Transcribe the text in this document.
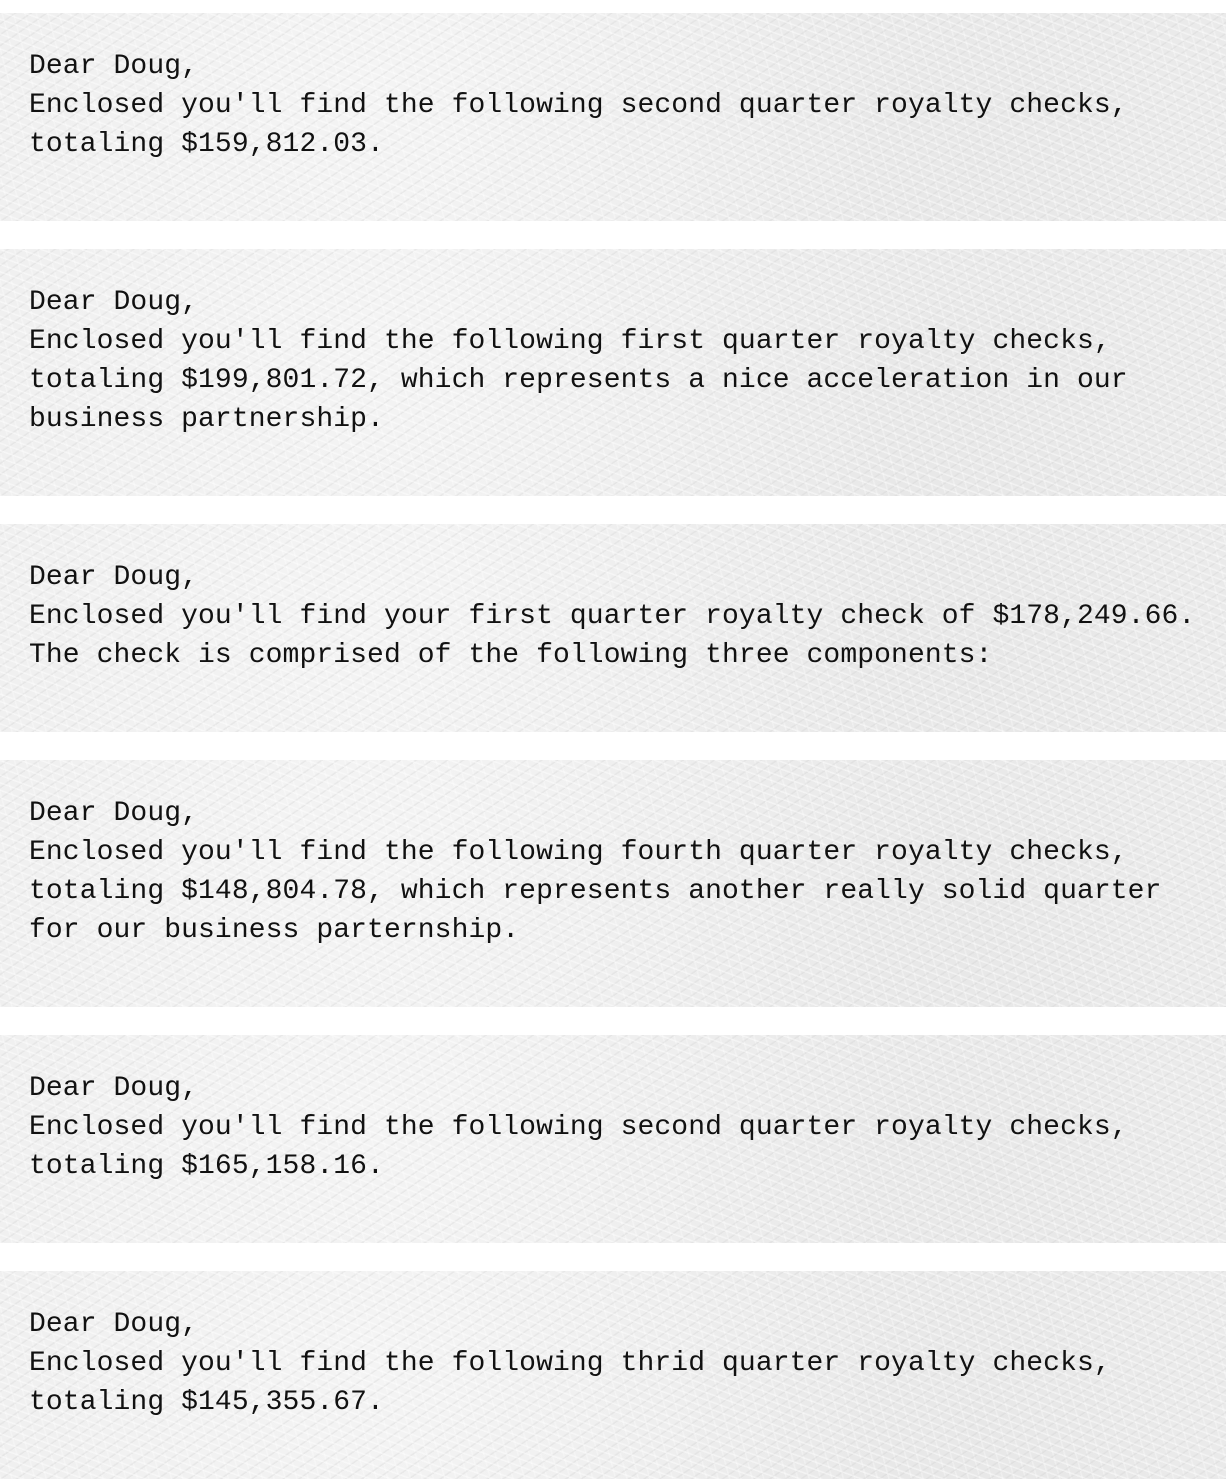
Dear Doug,

Enclosed you'll find the following second quarter royalty checks,

totaling $159,812.03.

Dear Doug,

Enclosed you'll find the following first quarter royalty checks,

totaling $199,801.72, which represents a nice acceleration in our

business partnership.

Dear Doug,

Enclosed you'll find your first quarter royalty check of $178,249.66.

The check is comprised of the following three components:

Dear Doug,

Enclosed you'll find the following fourth quarter royalty checks,

totaling $148,804.78, which represents another really solid quarter

for our business parternship.

Dear Doug,

Enclosed you'll find the following second quarter royalty checks,

totaling $165,158.16.

Dear Doug,

Enclosed you'll find the following thrid quarter royalty checks,

totaling $145,355.67.
